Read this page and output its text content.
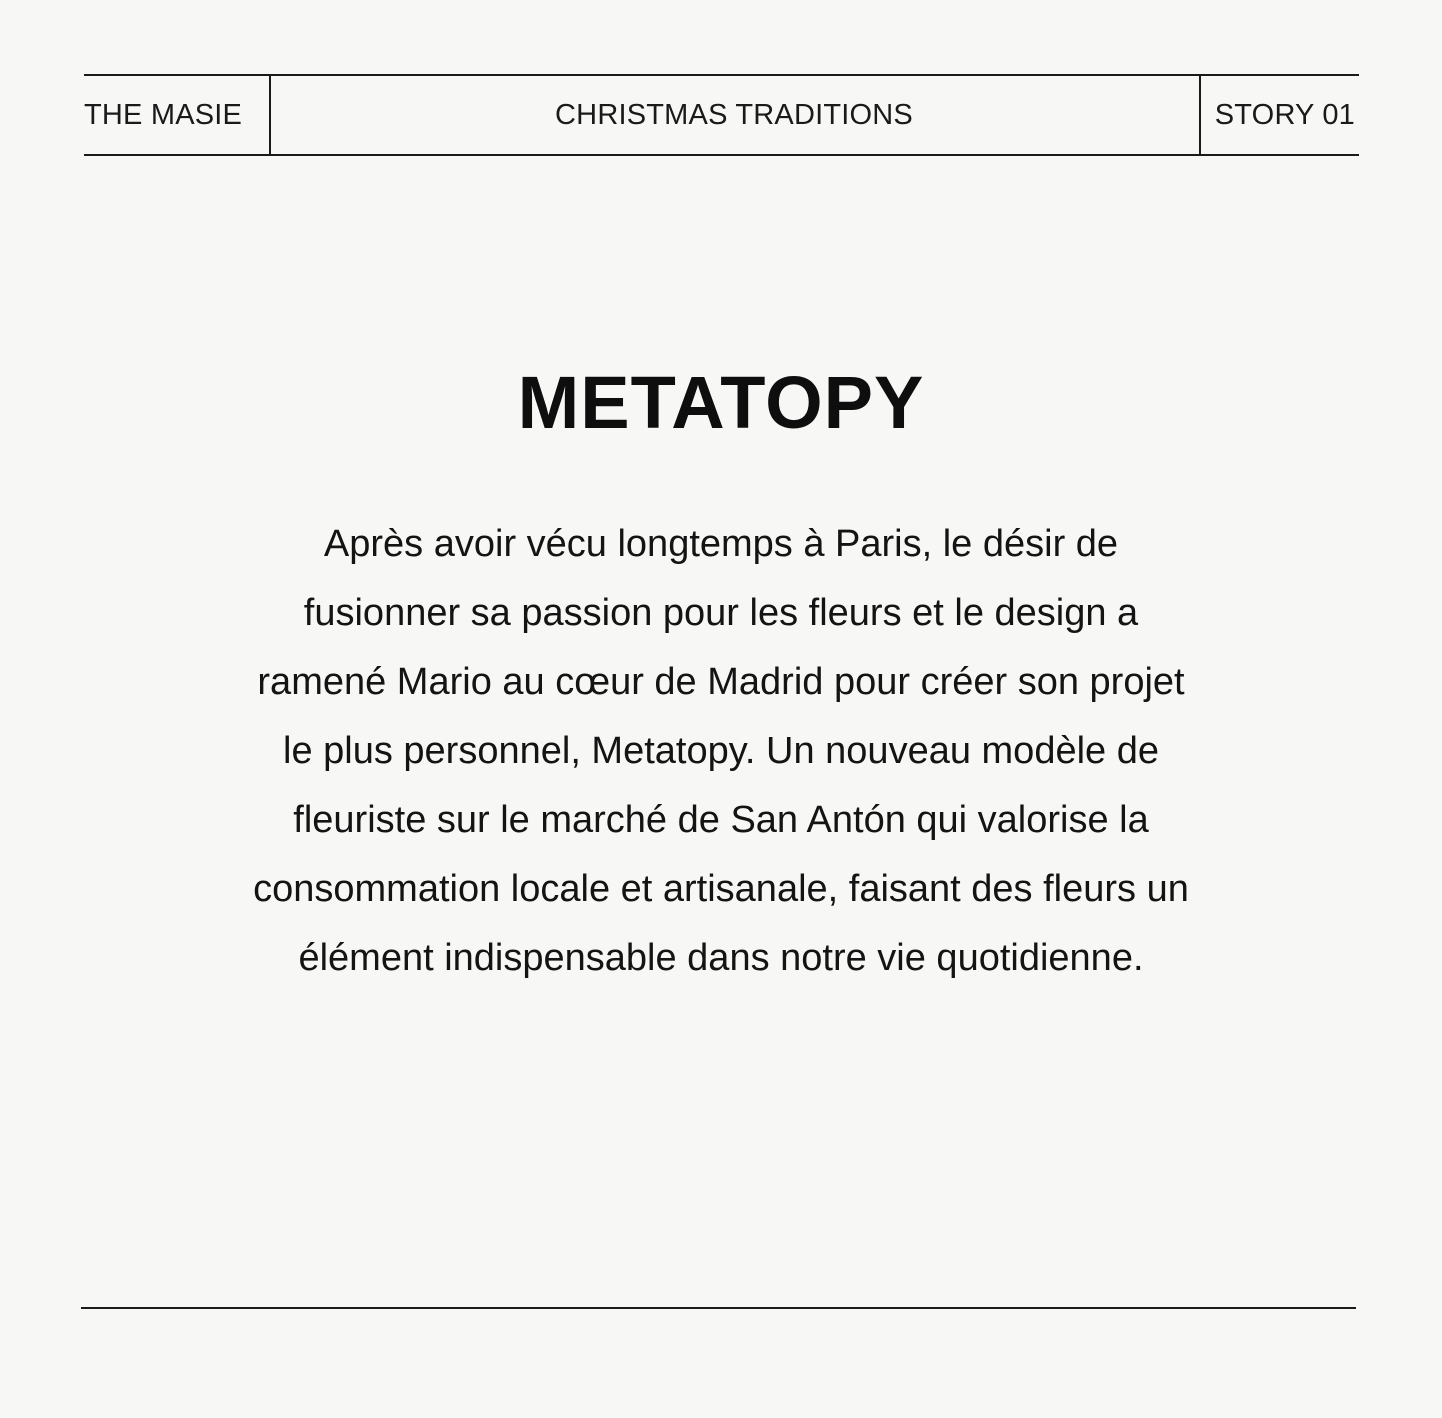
THE MASIE	CHRISTMAS TRADITIONS	STORY 01
METATOPY

Après avoir vécu longtemps à Paris, le désir de fusionner sa passion pour les fleurs et le design a ramené Mario au cœur de Madrid pour créer son projet le plus personnel, Metatopy. Un nouveau modèle de fleuriste sur le marché de San Antón qui valorise la consommation locale et artisanale, faisant des fleurs un élément indispensable dans notre vie quotidienne.
